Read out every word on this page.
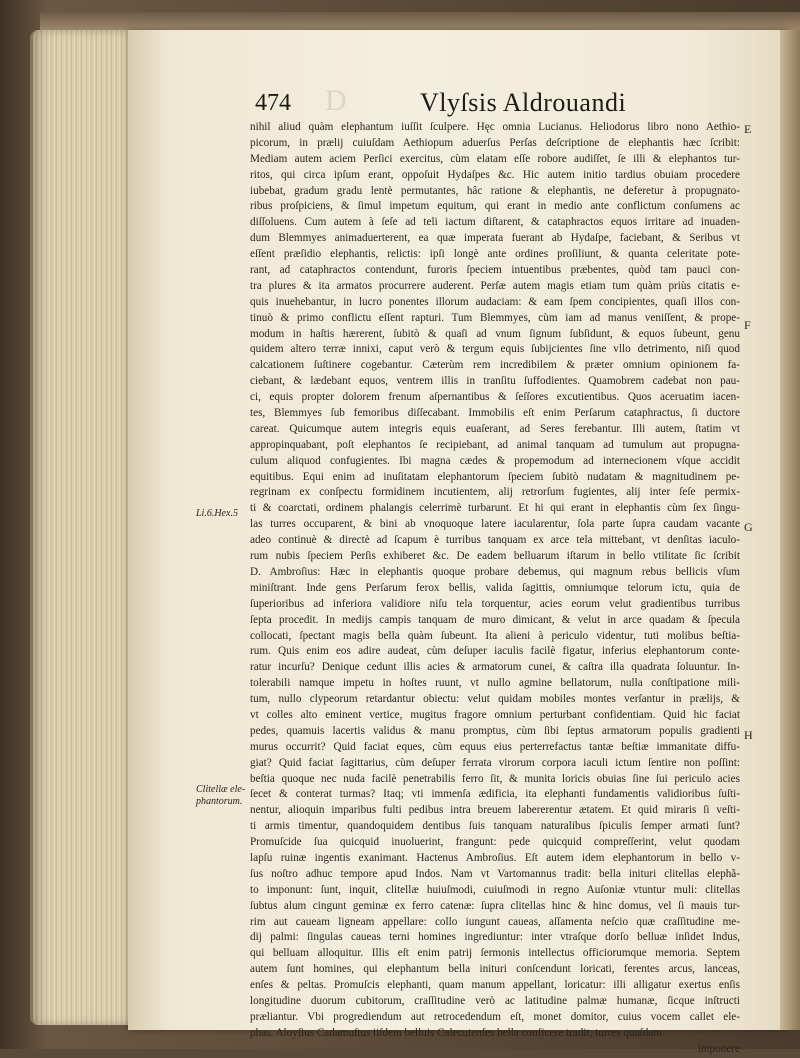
D
474	Vlyſsis Aldrouandi
nihil aliud quàm elephantum iuſſit ſculpere. Hęc omnia Lucianus. Heliodorus libro nono Aethio-
picorum, in prælij cuiuſdam Aethiopum aduerſus Perſas deſcriptione de elephantis hæc ſcribit:
Mediam autem aciem Perſici exercitus, cùm elatam eſſe robore audiſſet, ſe illi & elephantos tur-
ritos, qui circa ipſum erant, oppoſuit Hydaſpes &c. Hic autem initio tardius obuiam procedere
iubebat, gradum gradu lentè permutantes, hâc ratione & elephantis, ne deferetur à propugnato-
ribus proſpiciens, & ſimul impetum equitum, qui erant in medio ante conflictum conſumens ac
diſſoluens. Cum autem à ſeſe ad teli iactum diſtarent, & cataphractos equos irritare ad inuaden-
dum Blemmyes animaduerterent, ea quæ imperata fuerant ab Hydaſpe, faciebant, & Seribus vt
eſſent præſidio elephantis, relictis: ipſi longè ante ordines proſiliunt, & quanta celeritate pote-
rant, ad cataphractos contendunt, furoris ſpeciem intuentibus præbentes, quòd tam pauci con-
tra plures & ita armatos procurrere auderent. Perſæ autem magis etiam tum quàm priùs citatis e-
quis inuehebantur, in lucro ponentes illorum audaciam: & eam ſpem concipientes, quaſi illos con-
tinuò & primo conflictu eſſent rapturi. Tum Blemmyes, cùm iam ad manus veniſſent, & prope-
modum in haſtis hærerent, ſubitò & quaſi ad vnum ſignum ſubſidunt, & equos ſubeunt, genu
quidem altero terræ innixi, caput verò & tergum equis ſubijcientes ſine vllo detrimento, niſi quod
calcationem ſuſtinere cogebantur. Cæterùm rem incredibilem & præter omnium opinionem fa-
ciebant, & lædebant equos, ventrem illis in tranſitu ſuffodientes. Quamobrem cadebat non pau-
ci, equis propter dolorem frenum aſpernantibus & ſeſſores excutientibus. Quos aceruatim iacen-
tes, Blemmyes ſub femoribus diſſecabant. Immobilis eſt enim Perſarum cataphractus, ſi ductore
careat. Quicumque autem integris equis euaſerant, ad Seres ferebantur. Illi autem, ſtatim vt
appropinquabant, poſt elephantos ſe recipiebant, ad animal tanquam ad tumulum aut propugna-
culum aliquod confugientes. Ibi magna cædes & propemodum ad internecionem vſque accidit
equitibus. Equi enim ad inuſitatam elephantorum ſpeciem ſubitò nudatam & magnitudinem pe-
regrinam ex conſpectu formidinem incutientem, alij retrorſum fugientes, alij inter ſeſe permix-
ti & coarctati, ordinem phalangis celerrimè turbarunt. Et hi qui erant in elephantis cùm ſex ſingu-
las turres occuparent, & bini ab vnoquoque latere iacularentur, ſola parte ſupra caudam vacante
adeo continuè & directè ad ſcapum è turribus tanquam ex arce tela mittebant, vt denſitas iaculo-
rum nubis ſpeciem Perſis exhiberet &c. De eadem belluarum iſtarum in bello vtilitate ſic ſcribit
D. Ambroſius: Hæc in elephantis quoque probare debemus, qui magnum rebus bellicis vſum
miniſtrant. Inde gens Perſarum ferox bellis, valida ſagittis, omniumque telorum ictu, quia de
ſuperioribus ad inferiora validiore niſu tela torquentur, acies eorum velut gradientibus turribus
ſepta procedit. In medijs campis tanquam de muro dimicant, & velut in arce quadam & ſpecula
collocati, ſpectant magis bella quàm ſubeunt. Ita alieni à periculo videntur, tuti molibus beſtia-
rum. Quis enim eos adire audeat, cùm deſuper iaculis facilè figatur, inferius elephantorum conte-
ratur incurſu? Denique cedunt illis acies & armatorum cunei, & caſtra illa quadrata ſoluuntur. In-
tolerabili namque impetu in hoſtes ruunt, vt nullo agmine bellatorum, nulla conſtipatione mili-
tum, nullo clypeorum retardantur obiectu: velut quidam mobiles montes verſantur in prælijs, &
vt colles alto eminent vertice, mugitus fragore omnium perturbant confidentiam. Quid hic faciat
pedes, quamuis lacertis validus & manu promptus, cùm ſibi ſeptus armatorum populis gradienti
murus occurrit? Quid faciat eques, cùm equus eius perterrefactus tantæ beſtiæ immanitate diffu-
giat? Quid faciat ſagittarius, cùm deſuper ferrata virorum corpora iaculi ictum ſentire non poſſint:
beſtia quoque nec nuda facilè penetrabilis ferro ſit, & munita loricis obuias ſine ſui periculo acies
ſecet & conterat turmas? Itaq; vti immenſa ædificia, ita elephanti fundamentis validioribus ſuſti-
nentur, alioquin imparibus fulti pedibus intra breuem labererentur ætatem. Et quid miraris ſi veſti-
ti armis timentur, quandoquidem dentibus ſuis tanquam naturalibus ſpiculis ſemper armati ſunt?
Promuſcide ſua quicquid inuoluerint, frangunt: pede quicquid compreſſerint, velut quodam
lapſu ruinæ ingentis exanimant. Hactenus Ambroſius. Eſt autem idem elephantorum in bello v-
ſus noſtro adhuc tempore apud Indos. Nam vt Vartomannus tradit: bella inituri clitellas elephã-
to imponunt: ſunt, inquit, clitellæ huiuſmodi, cuiuſmodi in regno Auſoniæ vtuntur muli: clitellas
ſubtus alum cingunt geminæ ex ferro catenæ: ſupra clitellas hinc & hinc domus, vel ſi mauis tur-
rim aut caueam ligneam appellare: collo iungunt caueas, aſſamenta neſcio quæ craſſitudine me-
dij palmi: ſingulas caueas terni homines ingrediuntur: inter vtraſque dorſo belluæ inſidet Indus,
qui belluam alloquitur. Illis eſt enim patrij ſermonis intellectus officiorumque memoria. Septem
autem ſunt homines, qui elephantum bella inituri conſcendunt loricati, ferentes arcus, lanceas,
enſes & peltas. Promuſcis elephanti, quam manum appellant, loricatur: illi alligatur exertus enſis
longitudine duorum cubitorum, craſſitudine verò ac latitudine palmæ humanæ, ſicque inſtructi
præliantur. Vbi progrediendum aut retrocedendum eſt, monet domitor, cuius vocem callet ele-
phas. Aloyſius Cadamuſtus iiſdem belluis Calecutenſes bella conficere tradit, turres quaſdam
imponere
E
F
G
H
Li.6.Hex.5
Clitellæ ele-
phantorum.
